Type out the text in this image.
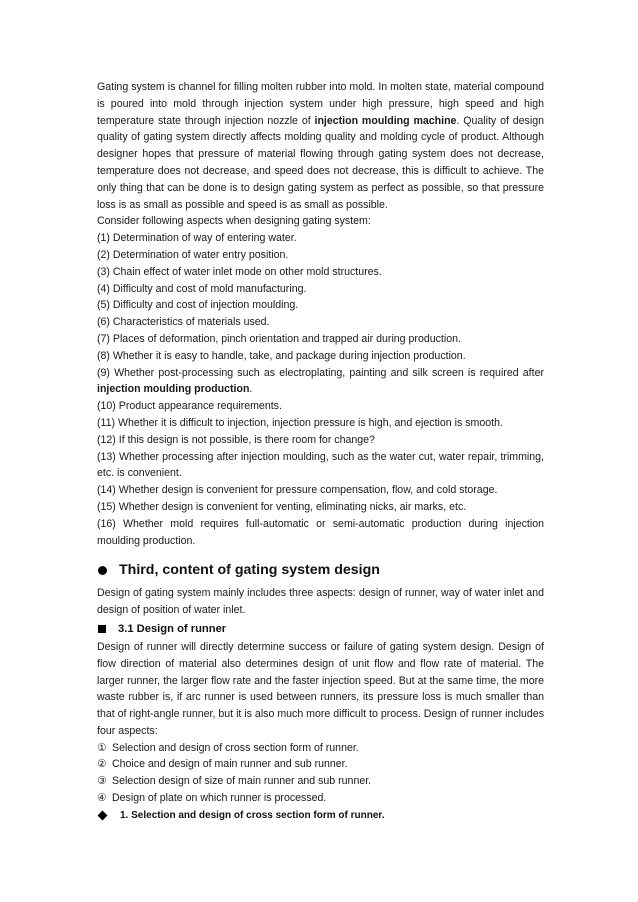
Gating system is channel for filling molten rubber into mold. In molten state, material compound is poured into mold through injection system under high pressure, high speed and high temperature state through injection nozzle of injection moulding machine. Quality of design quality of gating system directly affects molding quality and molding cycle of product. Although designer hopes that pressure of material flowing through gating system does not decrease, temperature does not decrease, and speed does not decrease, this is difficult to achieve. The only thing that can be done is to design gating system as perfect as possible, so that pressure loss is as small as possible and speed is as small as possible.

Consider following aspects when designing gating system:

(1) Determination of way of entering water.

(2) Determination of water entry position.

(3) Chain effect of water inlet mode on other mold structures.

(4) Difficulty and cost of mold manufacturing.

(5) Difficulty and cost of injection moulding.

(6) Characteristics of materials used.

(7) Places of deformation, pinch orientation and trapped air during production.

(8) Whether it is easy to handle, take, and package during injection production.

(9) Whether post-processing such as electroplating, painting and silk screen is required after injection moulding production.

(10) Product appearance requirements.

(11) Whether it is difficult to injection, injection pressure is high, and ejection is smooth.

(12) If this design is not possible, is there room for change?

(13) Whether processing after injection moulding, such as the water cut, water repair, trimming, etc. is convenient.

(14) Whether design is convenient for pressure compensation, flow, and cold storage.

(15) Whether design is convenient for venting, eliminating nicks, air marks, etc.

(16) Whether mold requires full-automatic or semi-automatic production during injection moulding production.

Third, content of gating system design

Design of gating system mainly includes three aspects: design of runner, way of water inlet and design of position of water inlet.

3.1 Design of runner

Design of runner will directly determine success or failure of gating system design. Design of flow direction of material also determines design of unit flow and flow rate of material. The larger runner, the larger flow rate and the faster injection speed. But at the same time, the more waste rubber is, if arc runner is used between runners, its pressure loss is much smaller than that of right-angle runner, but it is also much more difficult to process. Design of runner includes four aspects:

① Selection and design of cross section form of runner.

② Choice and design of main runner and sub runner.

③ Selection design of size of main runner and sub runner.

④ Design of plate on which runner is processed.

1. Selection and design of cross section form of runner.
